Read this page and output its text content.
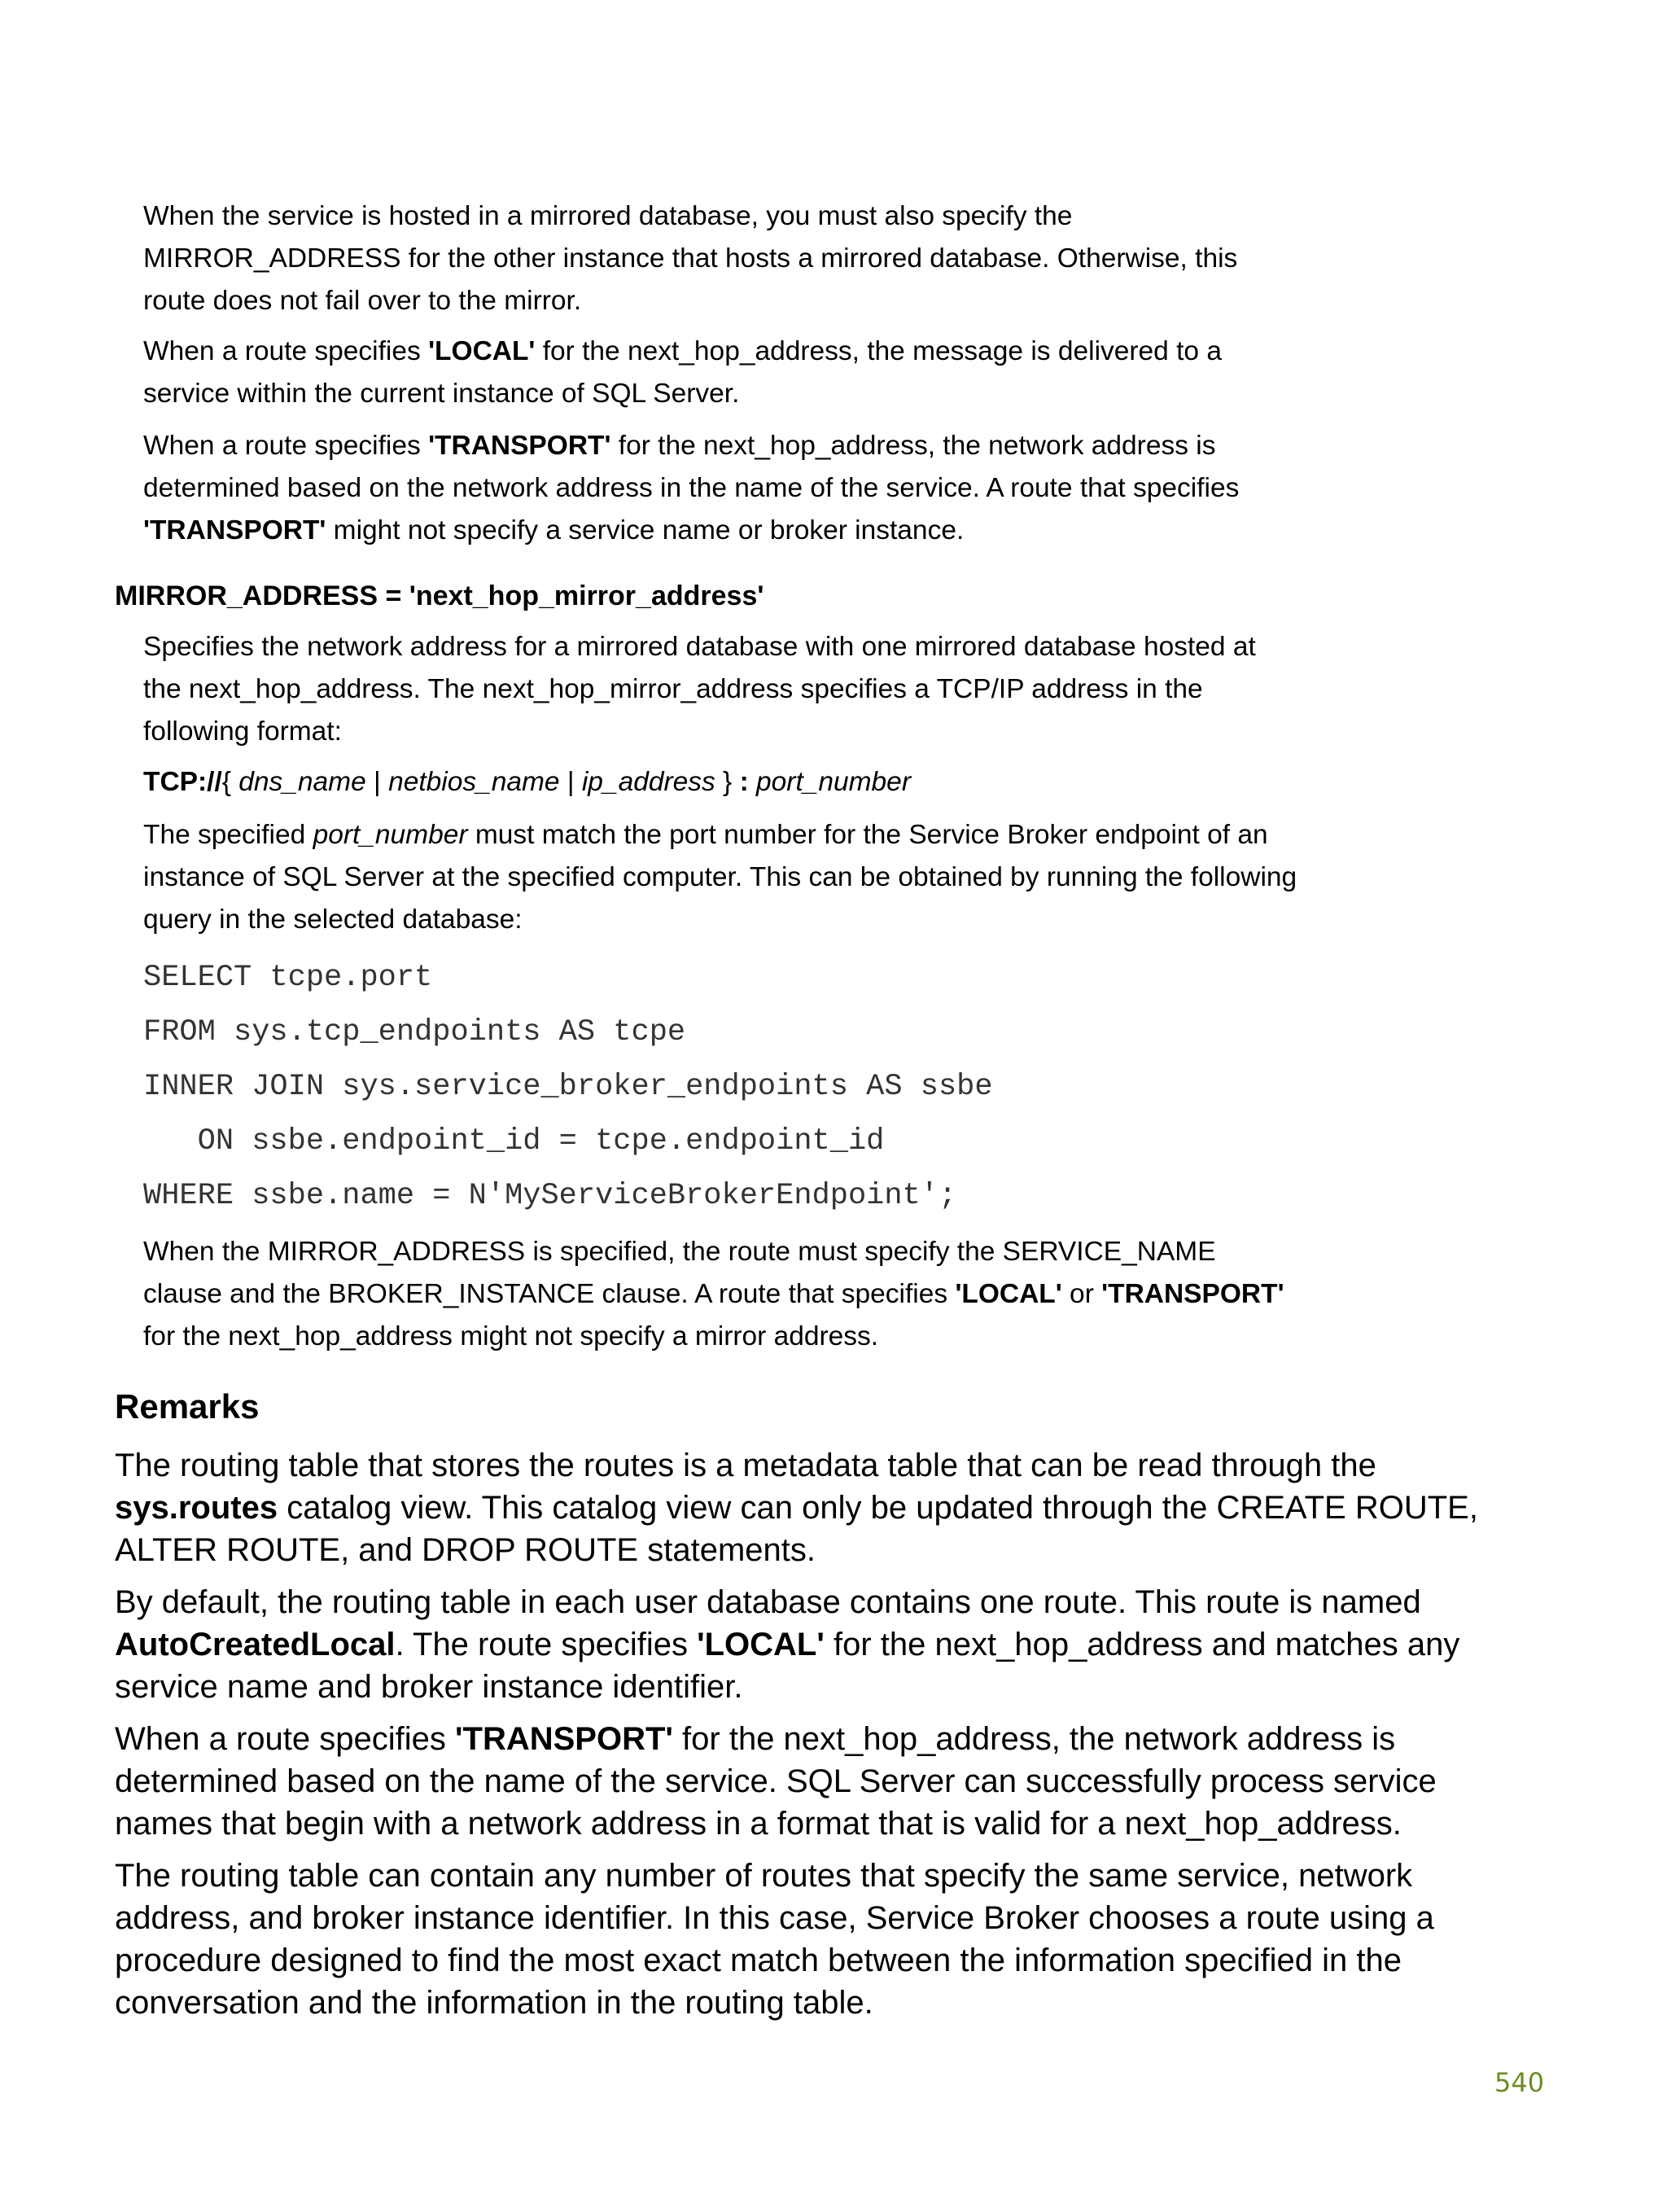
When the service is hosted in a mirrored database, you must also specify the MIRROR_ADDRESS for the other instance that hosts a mirrored database. Otherwise, this route does not fail over to the mirror.

When a route specifies 'LOCAL' for the next_hop_address, the message is delivered to a service within the current instance of SQL Server.

When a route specifies 'TRANSPORT' for the next_hop_address, the network address is determined based on the network address in the name of the service. A route that specifies 'TRANSPORT' might not specify a service name or broker instance.

MIRROR_ADDRESS = 'next_hop_mirror_address'

Specifies the network address for a mirrored database with one mirrored database hosted at the next_hop_address. The next_hop_mirror_address specifies a TCP/IP address in the following format:

TCP://{ dns_name | netbios_name | ip_address } : port_number

The specified port_number must match the port number for the Service Broker endpoint of an instance of SQL Server at the specified computer. This can be obtained by running the following query in the selected database:

SELECT tcpe.port

FROM sys.tcp_endpoints AS tcpe

INNER JOIN sys.service_broker_endpoints AS ssbe

ON ssbe.endpoint_id = tcpe.endpoint_id

WHERE ssbe.name = N'MyServiceBrokerEndpoint';

When the MIRROR_ADDRESS is specified, the route must specify the SERVICE_NAME clause and the BROKER_INSTANCE clause. A route that specifies 'LOCAL' or 'TRANSPORT' for the next_hop_address might not specify a mirror address.

Remarks

The routing table that stores the routes is a metadata table that can be read through the sys.routes catalog view. This catalog view can only be updated through the CREATE ROUTE, ALTER ROUTE, and DROP ROUTE statements.

By default, the routing table in each user database contains one route. This route is named AutoCreatedLocal. The route specifies 'LOCAL' for the next_hop_address and matches any service name and broker instance identifier.

When a route specifies 'TRANSPORT' for the next_hop_address, the network address is determined based on the name of the service. SQL Server can successfully process service names that begin with a network address in a format that is valid for a next_hop_address.

The routing table can contain any number of routes that specify the same service, network address, and broker instance identifier. In this case, Service Broker chooses a route using a procedure designed to find the most exact match between the information specified in the conversation and the information in the routing table.

540
